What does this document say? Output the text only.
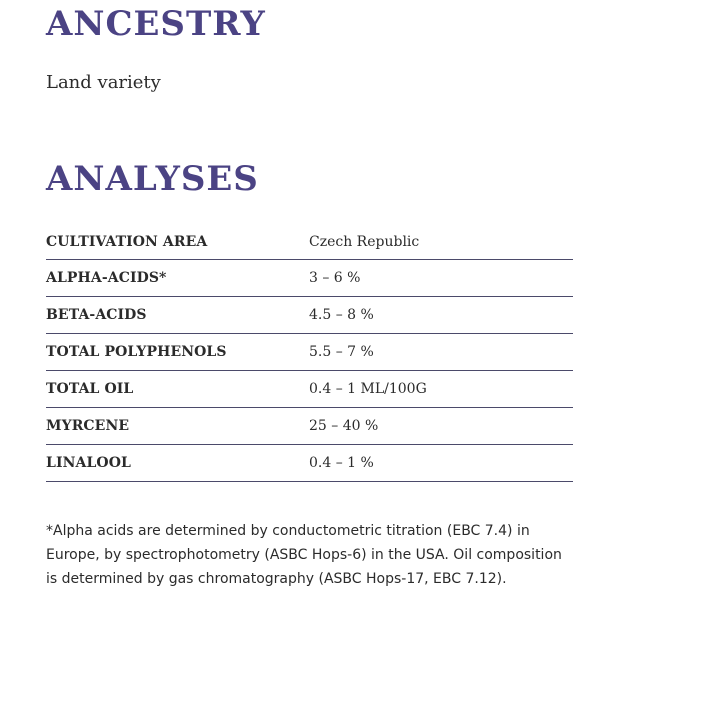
ANCESTRY
Land variety
ANALYSES
CULTIVATION AREA	Czech Republic
ALPHA-ACIDS*	3 – 6 %
BETA-ACIDS	4.5 – 8 %
TOTAL POLYPHENOLS	5.5 – 7 %
TOTAL OIL	0.4 – 1 ML/100G
MYRCENE	25 – 40 %
LINALOOL	0.4 – 1 %

*Alpha acids are determined by conductometric titration (EBC 7.4) in Europe, by spectrophotometry (ASBC Hops-6) in the USA. Oil composition is determined by gas chromatography (ASBC Hops-17, EBC 7.12).
